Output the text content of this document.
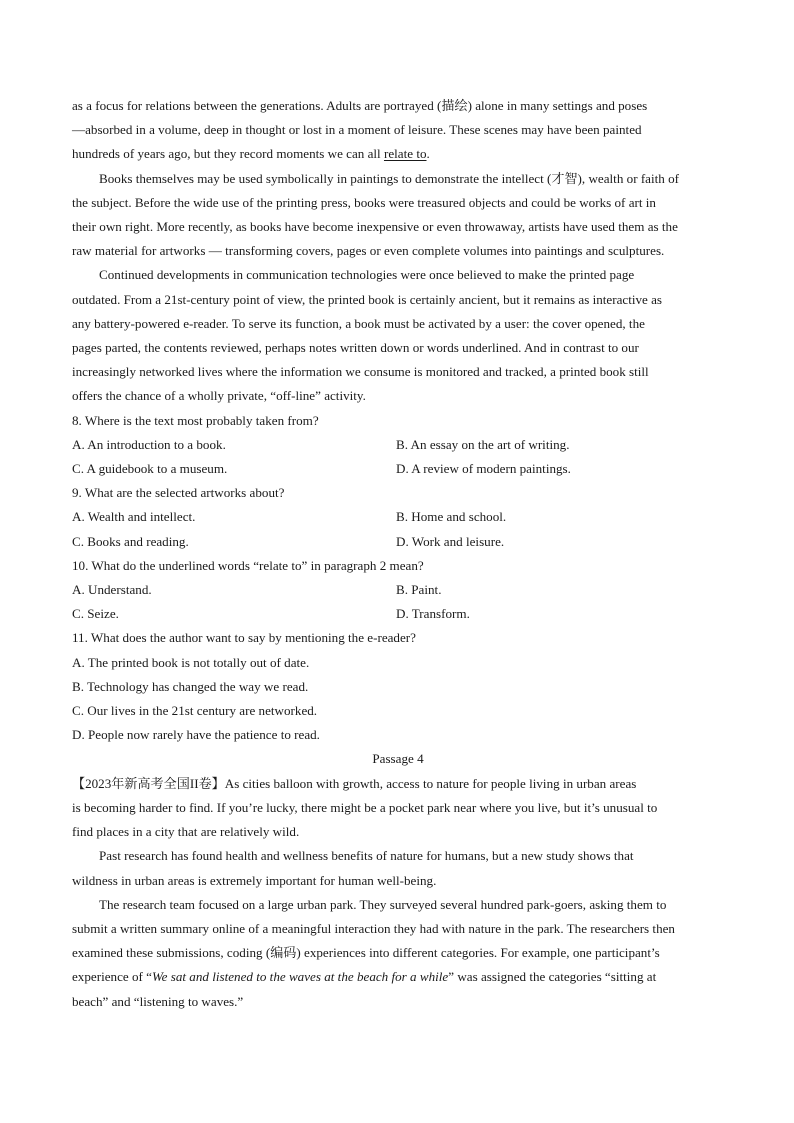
as a focus for relations between the generations. Adults are portrayed (描绘) alone in many settings and poses
—absorbed in a volume, deep in thought or lost in a moment of leisure. These scenes may have been painted
hundreds of years ago, but they record moments we can all relate to.

Books themselves may be used symbolically in paintings to demonstrate the intellect (才智), wealth or faith of
the subject. Before the wide use of the printing press, books were treasured objects and could be works of art in
their own right. More recently, as books have become inexpensive or even throwaway, artists have used them as the
raw material for artworks — transforming covers, pages or even complete volumes into paintings and sculptures.

Continued developments in communication technologies were once believed to make the printed page
outdated. From a 21st-century point of view, the printed book is certainly ancient, but it remains as interactive as
any battery-powered e-reader. To serve its function, a book must be activated by a user: the cover opened, the
pages parted, the contents reviewed, perhaps notes written down or words underlined. And in contrast to our
increasingly networked lives where the information we consume is monitored and tracked, a printed book still
offers the chance of a wholly private, “off-line” activity.

8. Where is the text most probably taken from?

A. An introduction to a book.	B. An essay on the art of writing.
C. A guidebook to a museum.	D. A review of modern paintings.

9. What are the selected artworks about?

A. Wealth and intellect.	B. Home and school.
C. Books and reading.	D. Work and leisure.

10. What do the underlined words “relate to” in paragraph 2 mean?

A. Understand.	B. Paint.
C. Seize.	D. Transform.

11. What does the author want to say by mentioning the e-reader?

A. The printed book is not totally out of date.

B. Technology has changed the way we read.

C. Our lives in the 21st century are networked.

D. People now rarely have the patience to read.

Passage 4

【2023年新高考全国II卷】As cities balloon with growth, access to nature for people living in urban areas
is becoming harder to find. If you’re lucky, there might be a pocket park near where you live, but it’s unusual to
find places in a city that are relatively wild.

Past research has found health and wellness benefits of nature for humans, but a new study shows that
wildness in urban areas is extremely important for human well-being.

The research team focused on a large urban park. They surveyed several hundred park-goers, asking them to
submit a written summary online of a meaningful interaction they had with nature in the park. The researchers then
examined these submissions, coding (编码) experiences into different categories. For example, one participant’s
experience of “We sat and listened to the waves at the beach for a while” was assigned the categories “sitting at
beach” and “listening to waves.”
